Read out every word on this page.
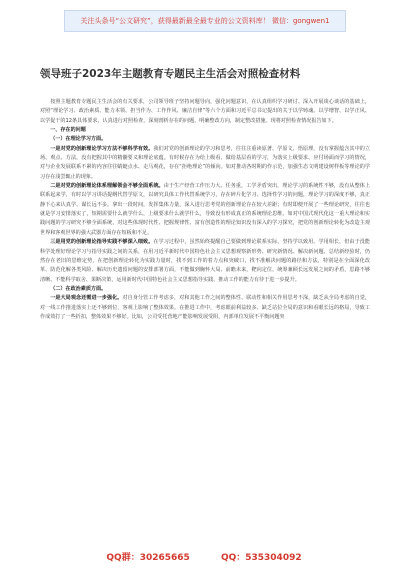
关注头条号“公文研究”，获得最新最全最专业的公文资料库！ 微信：gongwen1
领导班子2023年主题教育专题民主生活会对照检查材料

按照主题教育专题民主生活会的有关要求，公司领导班子坚持问题导向，强化问题意识，在认真组织学习研讨、深入开展谈心谈话的基础上，对照“理论学习、政治素质、能力本领、担当作为、工作作风、廉洁自律”等六个方面和习近平总书记提出的关于以学铸魂、以学增智、以学正风、以学促干的12条具体要求，认真进行对照检查，深刻剖析存在的问题，明确整改方向，制定整改措施。现将对照检查情况报告如下。

一、存在的问题

（一）在理论学习方面。

一是对党的创新理论学习方法不够科学有效。我们对党的创新理论的学习和思考，往往注重读原著、学原文、悟原理，没有掌握蕴含其中的立场、观点、方法，没有把握其中的精髓要义和理论底蕴。有时候存在为给上级看、做给基层看的学习，为落实上级要求、应付场面而学习的情况，对与企业发展联系不紧的内容往往蜻蜓点水、走马观花，存在“拒绝理论”的倾向。如对推动各时期的作示范，加强生态文明建设树样板等理论的学习存在浅尝辄止的现象。

二是对党的创新理论体系理解领会不够全面系统。由于生产经营工作压力大、任务重，工学矛盾突出，理论学习的系统性不够，没有从整体上联系起来学，有时以学习讲话提纲代替学原文，以研究具体工作代替系统学习，存在碎片化学习、选择性学习的问题，理论学习的深度不够，真正静下心来认真学、谋长远不多。拿出一段时间，发挥集体力量，深入进行思考党的创新理论存在较大差距；有时即便开展了一些理论研究，往往也就是学习安排落实了，短期需要什么就学什么，上级要求什么就学什么，导致没有形成真正的系统理论思维。如对中国式现代化这一重大理论和实践问题的学习研究不够全面系统，对这些体现时代性、把握规律性、富有创造性的理论知识没有深入的学习探究，把党的创新理论转化为改造主观世界和客观世界的强大武器方面存在短板和不足。

三是用党的创新理论指导实践不够深入细致。在学习过程中，虽然始终提醒自己要做到理论联系实际，坚持学以致用、学用相长，但由于没能科学处理好理论学习与指导实践之间的关系，在用习近平新时代中国特色社会主义思想观察新形势、研究新情况、解决新问题、总结新经验时，仍然存在老旧的思维定势，在把创新理论转化为实践力量时，找不到工作的着力点和突破口，找不准解决问题的路径和方法，特别是在全面深化改革、防范化解各类风险、解决历史遗留问题的安排部署方面，不能做到胸怀大局、前瞻未来，靶向定位，统筹兼顾长远发展之间的矛盾，思路不够清晰、不能科学取舍、果断决策，运用新时代中国特色社会主义思想指导实践、推动工作的能力有待于进一步提升。

（二）在政治素质方面。

一是大局观念还需进一步强化。对自身分管工作考虑多，对和其他工作之间的整体性、联动性和相关作用思考不深，缺乏从全局考虑的自觉，对一线工作推进落实上还不够到位，客观上影响了整体效果。在推进工作中，考虑眼前利益较多、缺乏站位全局的意识和看眼长远的格局，导致工作成效打了一些折扣，整体效果不够好。比如，公司受托营地产能影响发展受阻，内部单位发展不平衡问题突

QQ群：30265665	QQ：535304092
